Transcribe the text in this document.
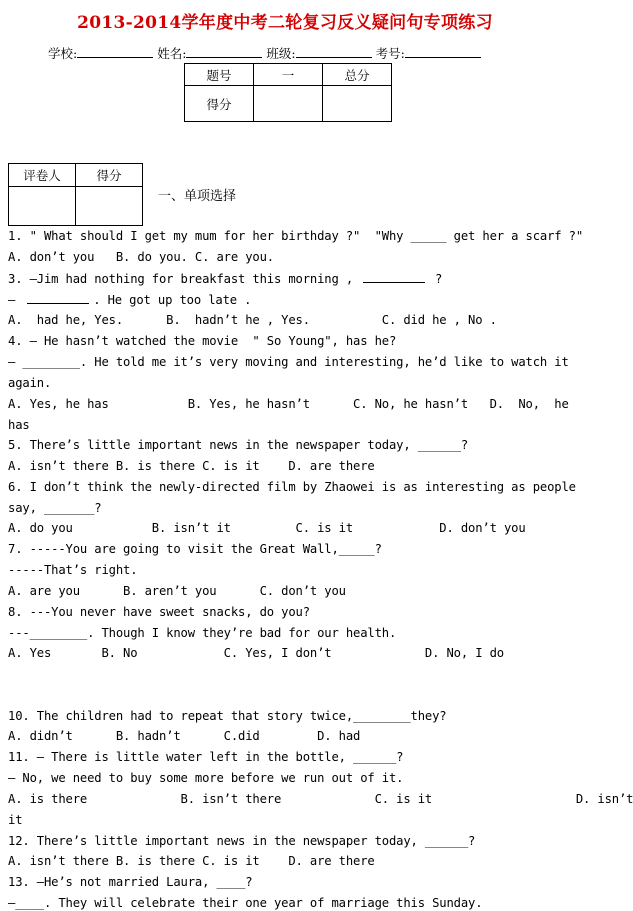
2013-2014学年度中考二轮复习反义疑问句专项练习
学校:	姓名:	班级:	考号:
题号	一	总分
得分		
评卷人	得分

一、单项选择
1. " What should I get my mum for her birthday ?"  "Why _____ get her a scarf ?"
A. don’t you   B. do you. C. are you.
3. —Jim had nothing for breakfast this morning ,	?
—	. He got up too late .
A.  had he, Yes.      B.  hadn’t he , Yes.          C. did he , No .
4. — He hasn’t watched the movie  " So Young", has he?
— ________. He told me it’s very moving and interesting, he’d like to watch it
again.
A. Yes, he has           B. Yes, he hasn’t      C. No, he hasn’t   D.  No,  he
has
5. There’s little important news in the newspaper today, ______?
A. isn’t there B. is there C. is it    D. are there
6. I don’t think the newly-directed film by Zhaowei is as interesting as people
say, _______?
A. do you           B. isn’t it         C. is it            D. don’t you
7. -----You are going to visit the Great Wall,_____?
-----That’s right.
A. are you      B. aren’t you      C. don’t you
8. ---You never have sweet snacks, do you?
---________. Though I know they’re bad for our health.
A. Yes       B. No            C. Yes, I don’t             D. No, I do
10. The children had to repeat that story twice,________they?
A. didn’t      B. hadn’t      C.did        D. had
11. — There is little water left in the bottle, ______?
— No, we need to buy some more before we run out of it.
A. is there             B. isn’t there             C. is it                    D. isn’t
it
12. There’s little important news in the newspaper today, ______?
A. isn’t there B. is there C. is it    D. are there
13. —He’s not married Laura, ____?
—____. They will celebrate their one year of marriage this Sunday.
